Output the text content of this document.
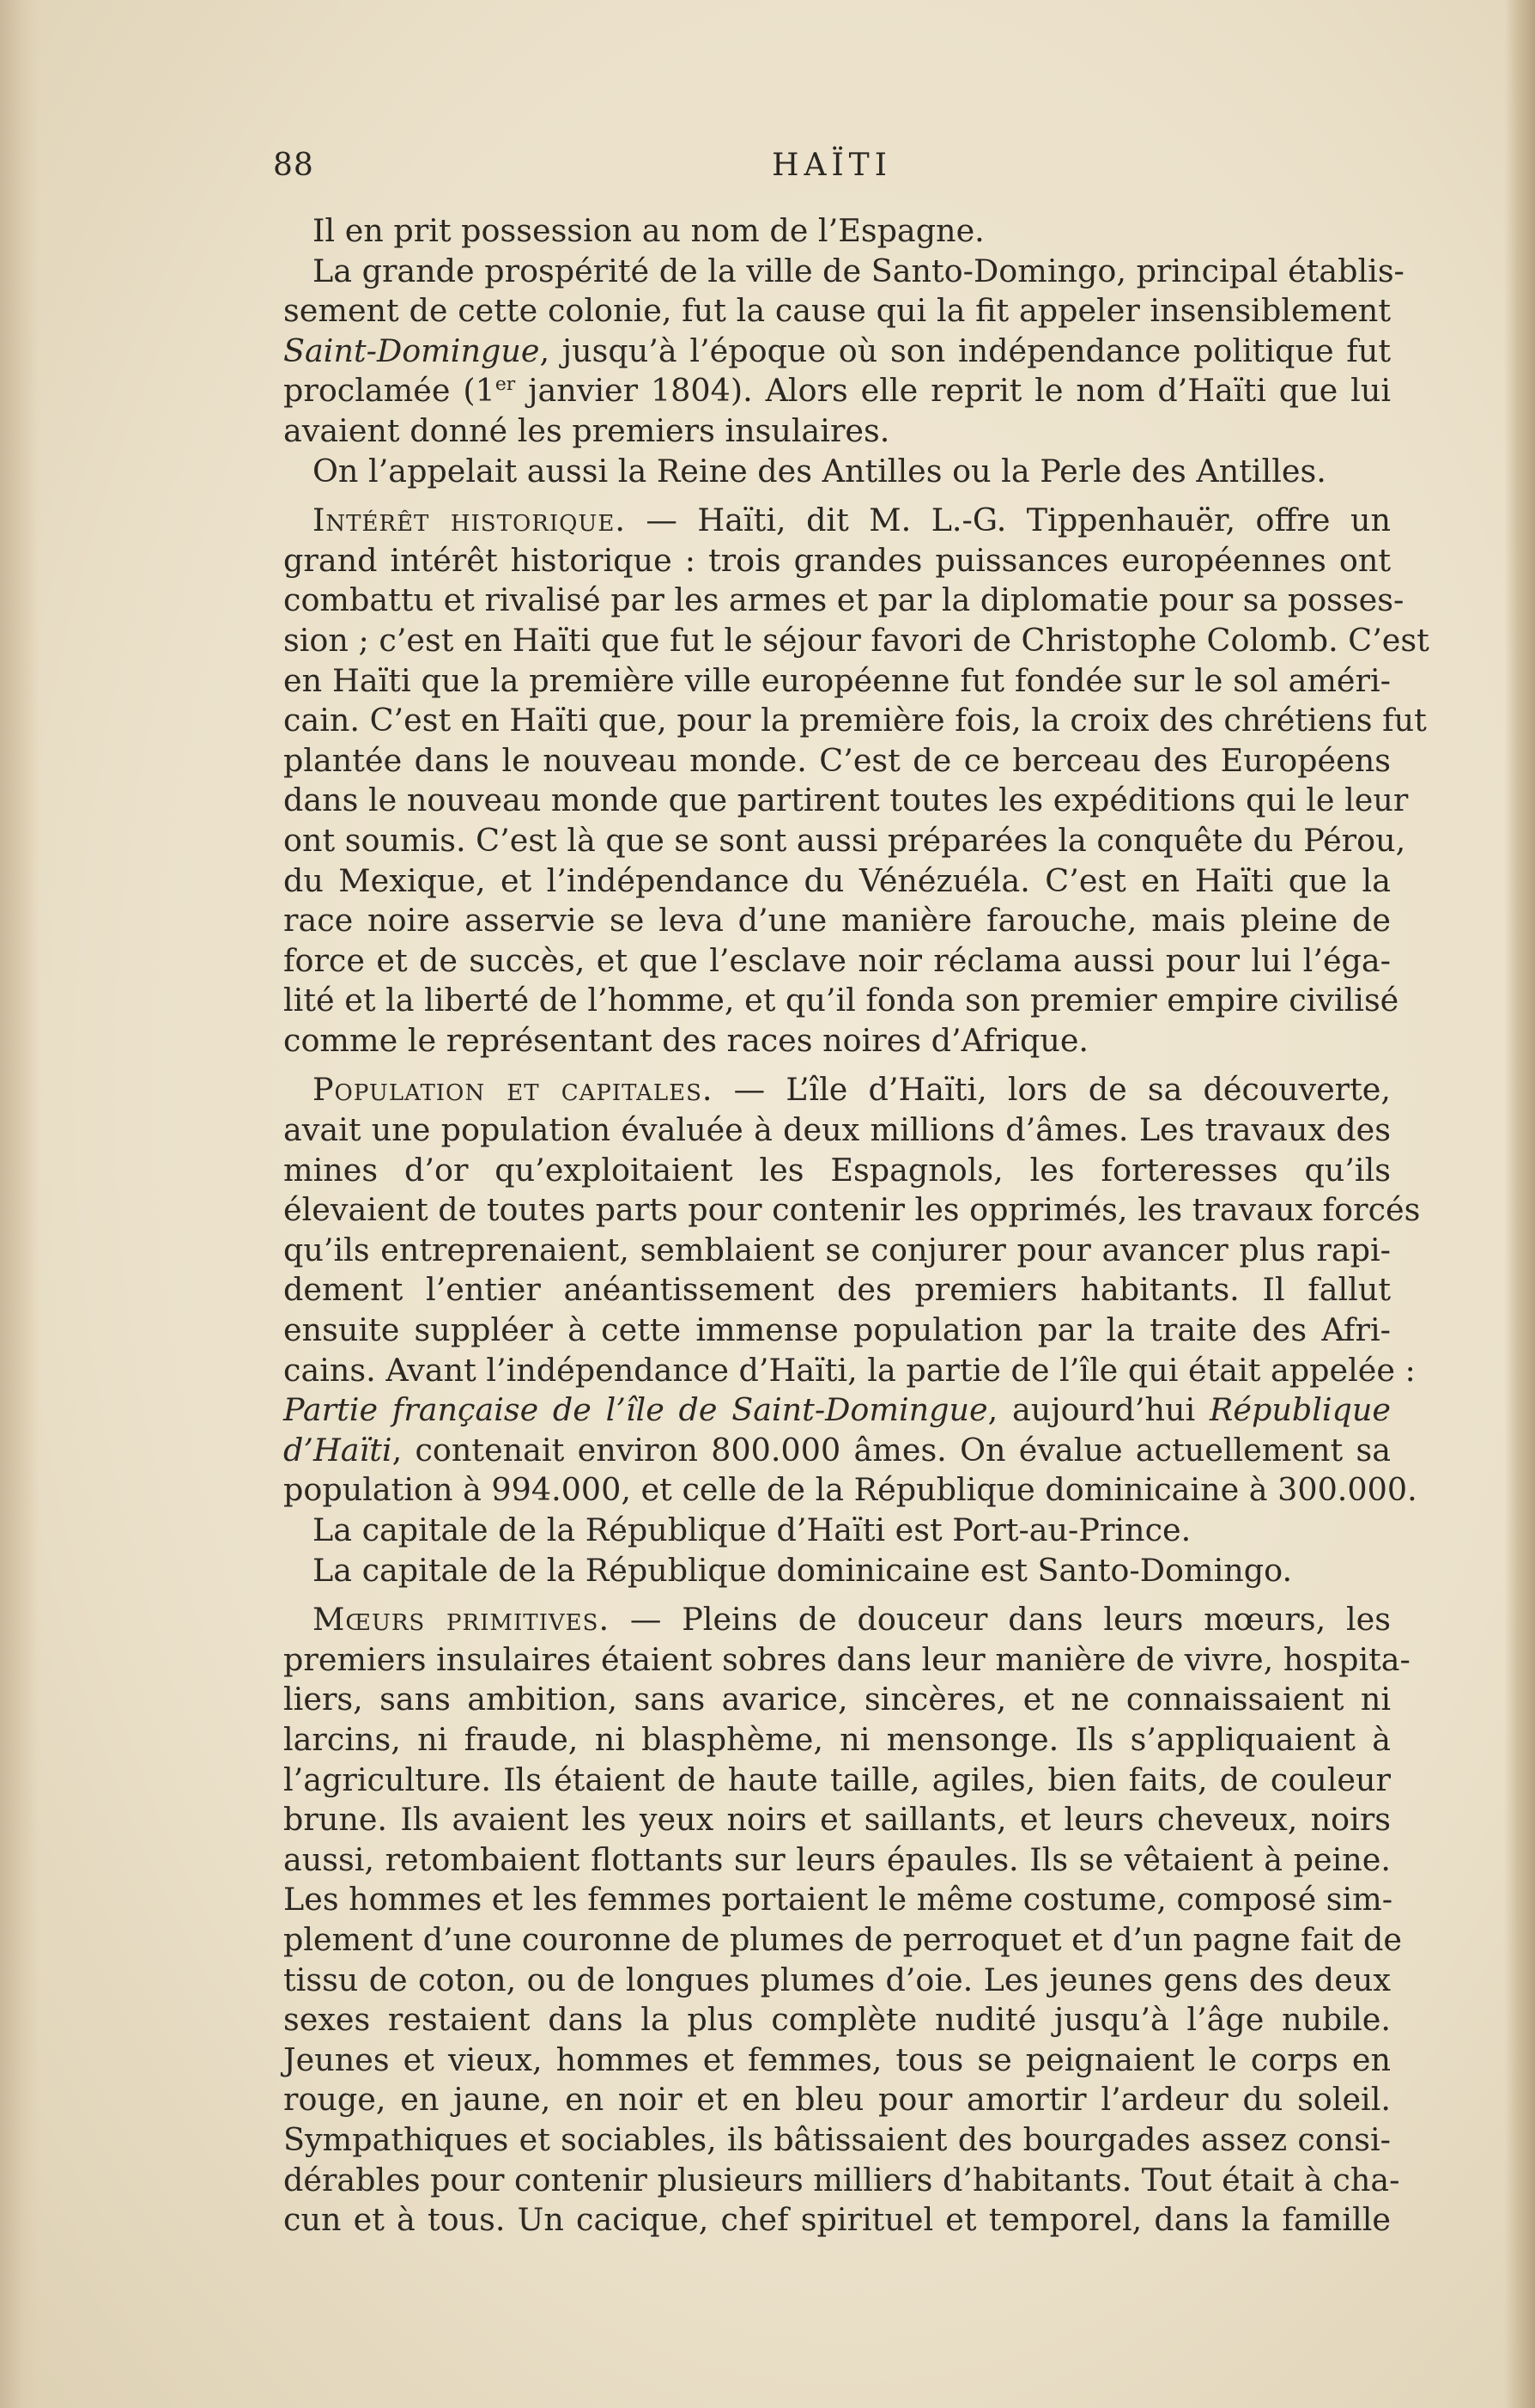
88	HAÏTI
Il en prit possession au nom de l’Espagne.
La grande prospérité de la ville de Santo-Domingo, principal établis-
sement de cette colonie, fut la cause qui la fit appeler insensiblement
Saint-Domingue, jusqu’à l’époque où son indépendance politique fut
proclamée (1er janvier 1804). Alors elle reprit le nom d’Haïti que lui
avaient donné les premiers insulaires.
On l’appelait aussi la Reine des Antilles ou la Perle des Antilles.
Intérêt historique. — Haïti, dit M. L.-G. Tippenhauër, offre un
grand intérêt historique : trois grandes puissances européennes ont
combattu et rivalisé par les armes et par la diplomatie pour sa posses-
sion ; c’est en Haïti que fut le séjour favori de Christophe Colomb. C’est
en Haïti que la première ville européenne fut fondée sur le sol améri-
cain. C’est en Haïti que, pour la première fois, la croix des chrétiens fut
plantée dans le nouveau monde. C’est de ce berceau des Européens
dans le nouveau monde que partirent toutes les expéditions qui le leur
ont soumis. C’est là que se sont aussi préparées la conquête du Pérou,
du Mexique, et l’indépendance du Vénézuéla. C’est en Haïti que la
race noire asservie se leva d’une manière farouche, mais pleine de
force et de succès, et que l’esclave noir réclama aussi pour lui l’éga-
lité et la liberté de l’homme, et qu’il fonda son premier empire civilisé
comme le représentant des races noires d’Afrique.
Population et capitales. — L’île d’Haïti, lors de sa découverte,
avait une population évaluée à deux millions d’âmes. Les travaux des
mines d’or qu’exploitaient les Espagnols, les forteresses qu’ils
élevaient de toutes parts pour contenir les opprimés, les travaux forcés
qu’ils entreprenaient, semblaient se conjurer pour avancer plus rapi-
dement l’entier anéantissement des premiers habitants. Il fallut
ensuite suppléer à cette immense population par la traite des Afri-
cains. Avant l’indépendance d’Haïti, la partie de l’île qui était appelée :
Partie française de l’île de Saint-Domingue, aujourd’hui République
d’Haïti, contenait environ 800.000 âmes. On évalue actuellement sa
population à 994.000, et celle de la République dominicaine à 300.000.
La capitale de la République d’Haïti est Port-au-Prince.
La capitale de la République dominicaine est Santo-Domingo.
Mœurs primitives. — Pleins de douceur dans leurs mœurs, les
premiers insulaires étaient sobres dans leur manière de vivre, hospita-
liers, sans ambition, sans avarice, sincères, et ne connaissaient ni
larcins, ni fraude, ni blasphème, ni mensonge. Ils s’appliquaient à
l’agriculture. Ils étaient de haute taille, agiles, bien faits, de couleur
brune. Ils avaient les yeux noirs et saillants, et leurs cheveux, noirs
aussi, retombaient flottants sur leurs épaules. Ils se vêtaient à peine.
Les hommes et les femmes portaient le même costume, composé sim-
plement d’une couronne de plumes de perroquet et d’un pagne fait de
tissu de coton, ou de longues plumes d’oie. Les jeunes gens des deux
sexes restaient dans la plus complète nudité jusqu’à l’âge nubile.
Jeunes et vieux, hommes et femmes, tous se peignaient le corps en
rouge, en jaune, en noir et en bleu pour amortir l’ardeur du soleil.
Sympathiques et sociables, ils bâtissaient des bourgades assez consi-
dérables pour contenir plusieurs milliers d’habitants. Tout était à cha-
cun et à tous. Un cacique, chef spirituel et temporel, dans la famille
